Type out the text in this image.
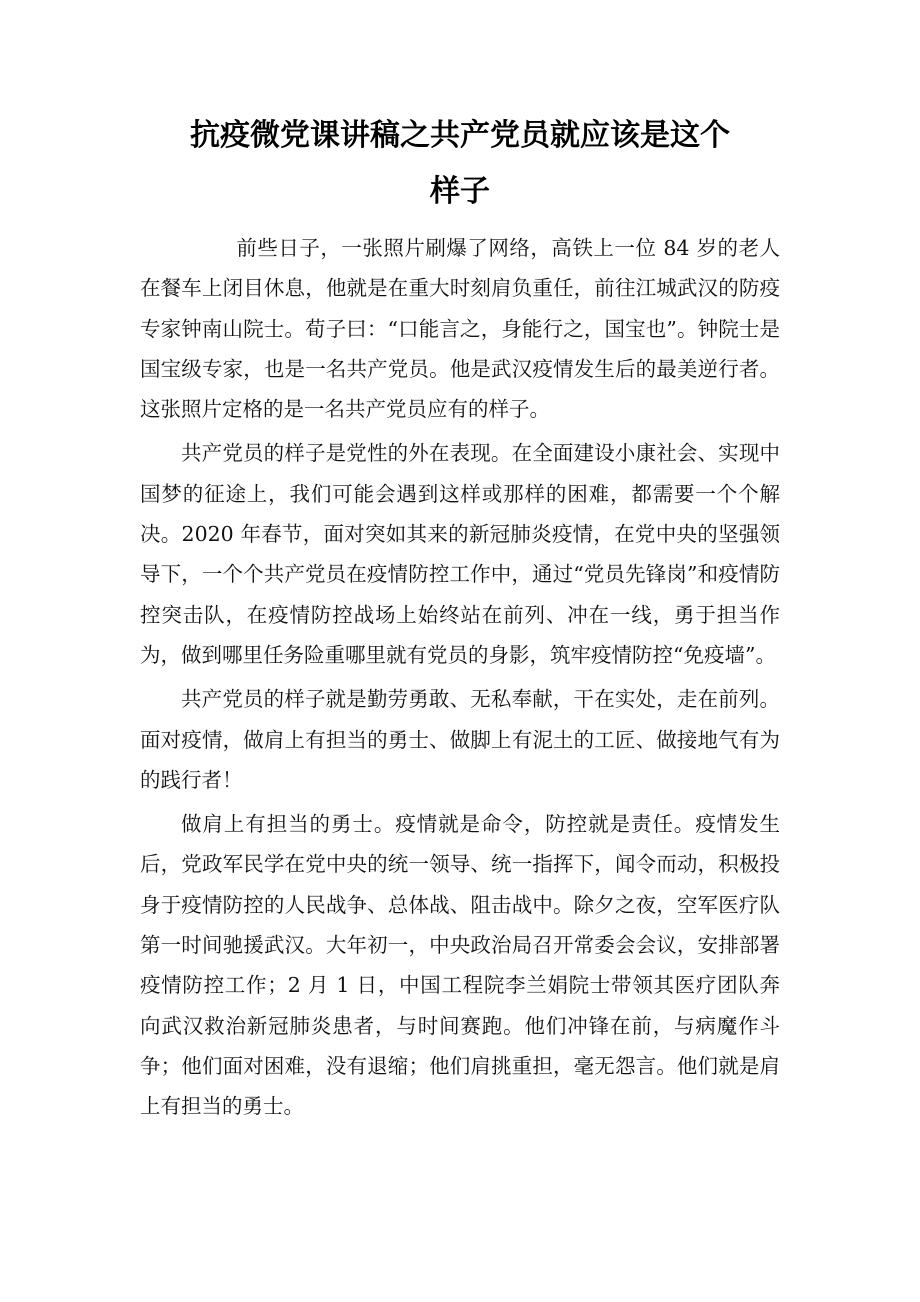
抗疫微党课讲稿之共产党员就应该是这个
样子

前些日子，一张照片刷爆了网络，高铁上一位 84 岁的老人在餐车上闭目休息，他就是在重大时刻肩负重任，前往江城武汉的防疫专家钟南山院士。荀子曰：“口能言之，身能行之，国宝也”。钟院士是国宝级专家，也是一名共产党员。他是武汉疫情发生后的最美逆行者。这张照片定格的是一名共产党员应有的样子。

共产党员的样子是党性的外在表现。在全面建设小康社会、实现中国梦的征途上，我们可能会遇到这样或那样的困难，都需要一个个解决。2020 年春节，面对突如其来的新冠肺炎疫情，在党中央的坚强领导下，一个个共产党员在疫情防控工作中，通过“党员先锋岗”和疫情防控突击队，在疫情防控战场上始终站在前列、冲在一线，勇于担当作为，做到哪里任务险重哪里就有党员的身影，筑牢疫情防控“免疫墙”。

共产党员的样子就是勤劳勇敢、无私奉献，干在实处，走在前列。面对疫情，做肩上有担当的勇士、做脚上有泥土的工匠、做接地气有为的践行者！

做肩上有担当的勇士。疫情就是命令，防控就是责任。疫情发生后，党政军民学在党中央的统一领导、统一指挥下，闻令而动，积极投身于疫情防控的人民战争、总体战、阻击战中。除夕之夜，空军医疗队第一时间驰援武汉。大年初一，中央政治局召开常委会会议，安排部署疫情防控工作；2 月 1 日，中国工程院李兰娟院士带领其医疗团队奔向武汉救治新冠肺炎患者，与时间赛跑。他们冲锋在前，与病魔作斗争；他们面对困难，没有退缩；他们肩挑重担，毫无怨言。他们就是肩上有担当的勇士。
